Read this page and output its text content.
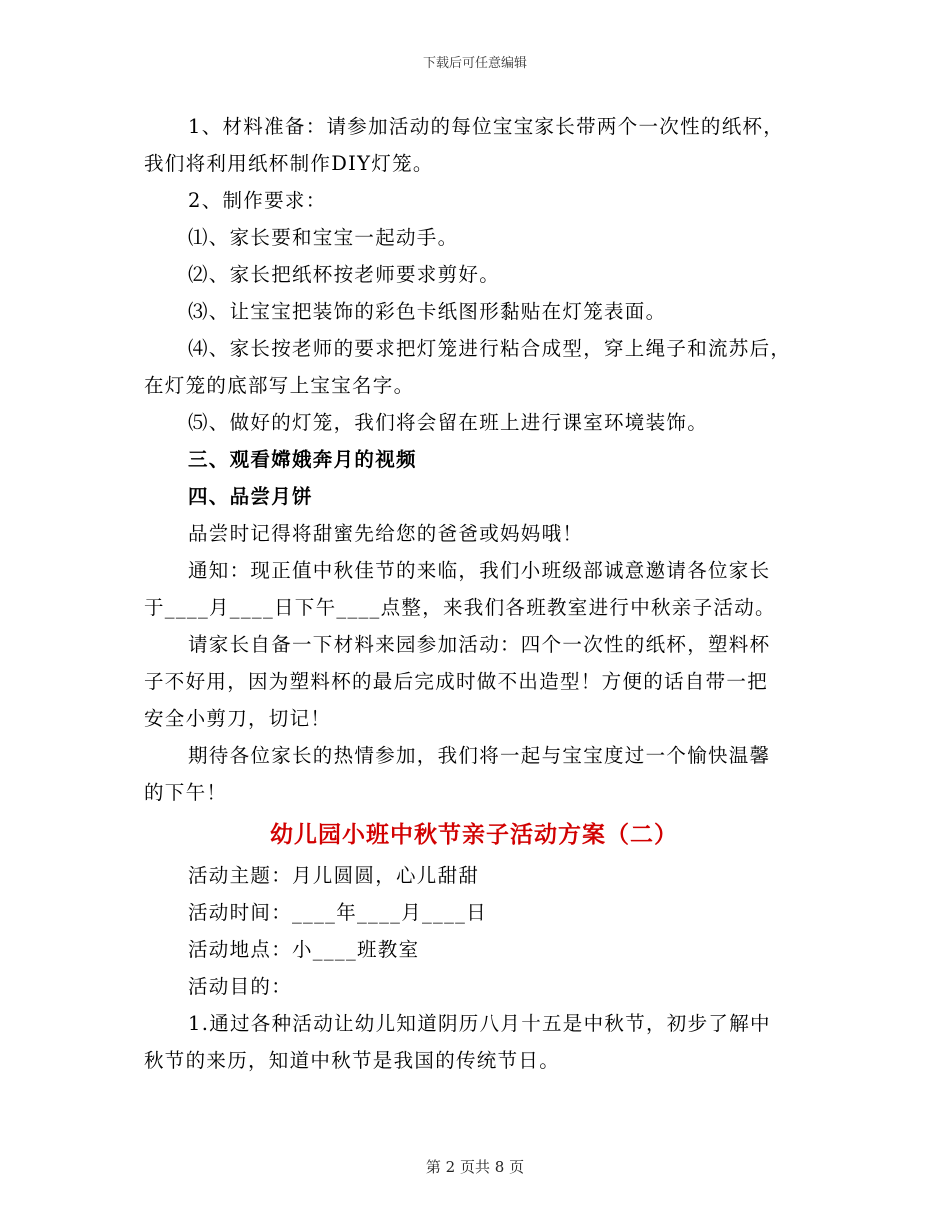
下载后可任意编辑
1、材料准备：请参加活动的每位宝宝家长带两个一次性的纸杯，
我们将利用纸杯制作DIY灯笼。
2、制作要求：
⑴、家长要和宝宝一起动手。
⑵、家长把纸杯按老师要求剪好。
⑶、让宝宝把装饰的彩色卡纸图形黏贴在灯笼表面。
⑷、家长按老师的要求把灯笼进行粘合成型，穿上绳子和流苏后，
在灯笼的底部写上宝宝名字。
⑸、做好的灯笼，我们将会留在班上进行课室环境装饰。
三、观看嫦娥奔月的视频
四、品尝月饼
品尝时记得将甜蜜先给您的爸爸或妈妈哦！
通知：现正值中秋佳节的来临，我们小班级部诚意邀请各位家长
于____月____日下午____点整，来我们各班教室进行中秋亲子活动。
请家长自备一下材料来园参加活动：四个一次性的纸杯，塑料杯
子不好用，因为塑料杯的最后完成时做不出造型！方便的话自带一把
安全小剪刀，切记！
期待各位家长的热情参加，我们将一起与宝宝度过一个愉快温馨
的下午！
幼儿园小班中秋节亲子活动方案（二）
活动主题：月儿圆圆，心儿甜甜
活动时间：____年____月____日
活动地点：小____班教室
活动目的：
1.通过各种活动让幼儿知道阴历八月十五是中秋节，初步了解中
秋节的来历，知道中秋节是我国的传统节日。
第 2 页共 8 页
